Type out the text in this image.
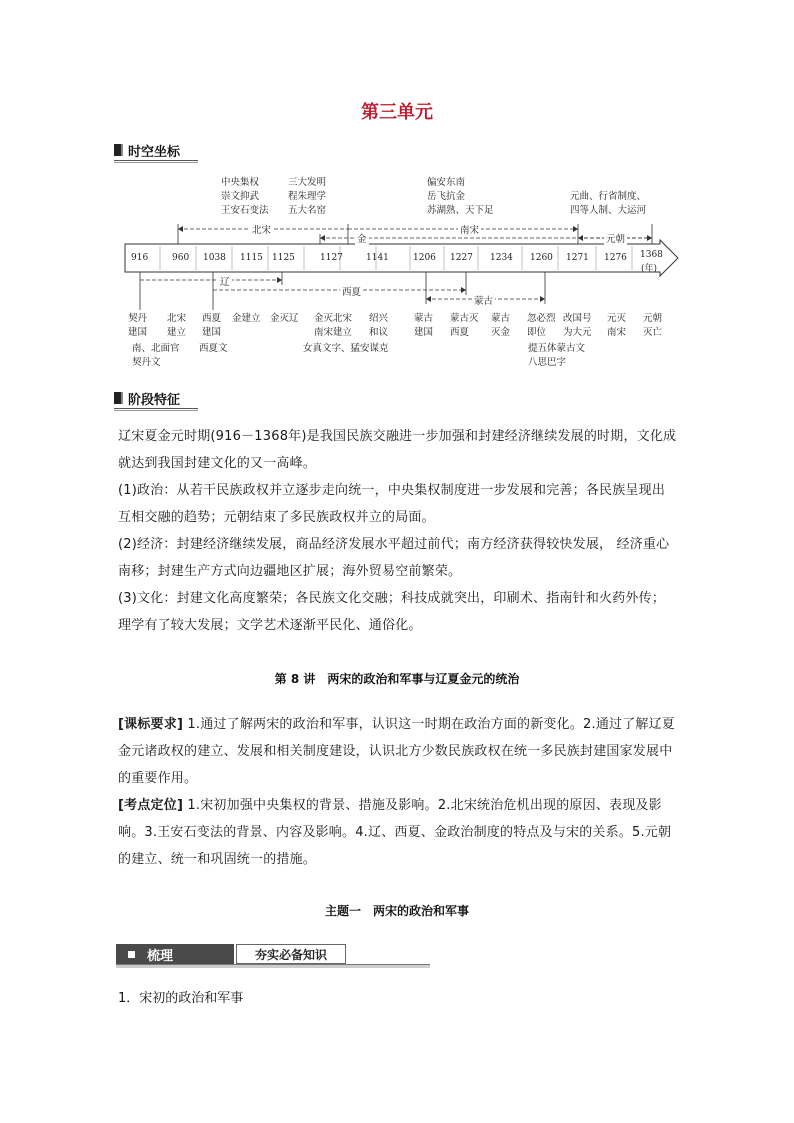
第三单元
时空坐标
中央集权
崇文抑武
王安石变法
三大发明
程朱理学
五大名窑
偏安东南
岳飞抗金
苏湖熟、天下足
元曲、行省制度、
四等人制、大运河
北宋
金
南宋
元朝
辽
西夏
蒙古
916	960 1038 1115 1125	1127	1141	1206 1227 1234 1260 1271 1276 1368
(年)
契丹
建国
北宋
建立
西夏
建国
金建立 金灭辽 金灭北宋
南宋建立
绍兴
和议
蒙古
建国
蒙古灭
西夏
蒙古
灭金
忽必烈
即位
改国号
为大元
元灭
南宋
元朝
灭亡
南、北面官
契丹文
西夏文	女真文字、猛安谋克	提五体蒙古文
八思巴字
阶段特征
辽宋夏金元时期(916－1368年)是我国民族交融进一步加强和封建经济继续发展的时期，文化成就达到我国封建文化的又一高峰。
(1)政治：从若干民族政权并立逐步走向统一，中央集权制度进一步发展和完善；各民族呈现出互相交融的趋势；元朝结束了多民族政权并立的局面。
(2)经济：封建经济继续发展，商品经济发展水平超过前代；南方经济获得较快发展， 经济重心南移；封建生产方式向边疆地区扩展；海外贸易空前繁荣。
(3)文化：封建文化高度繁荣；各民族文化交融；科技成就突出，印刷术、指南针和火药外传；理学有了较大发展；文学艺术逐渐平民化、通俗化。
第 8 讲　两宋的政治和军事与辽夏金元的统治
[课标要求] 1.通过了解两宋的政治和军事，认识这一时期在政治方面的新变化。2.通过了解辽夏金元诸政权的建立、发展和相关制度建设，认识北方少数民族政权在统一多民族封建国家发展中的重要作用。
[考点定位] 1.宋初加强中央集权的背景、措施及影响。2.北宋统治危机出现的原因、表现及影响。3.王安石变法的背景、内容及影响。4.辽、西夏、金政治制度的特点及与宋的关系。5.元朝的建立、统一和巩固统一的措施。
主题一　两宋的政治和军事
梳理	夯实必备知识
1．宋初的政治和军事
